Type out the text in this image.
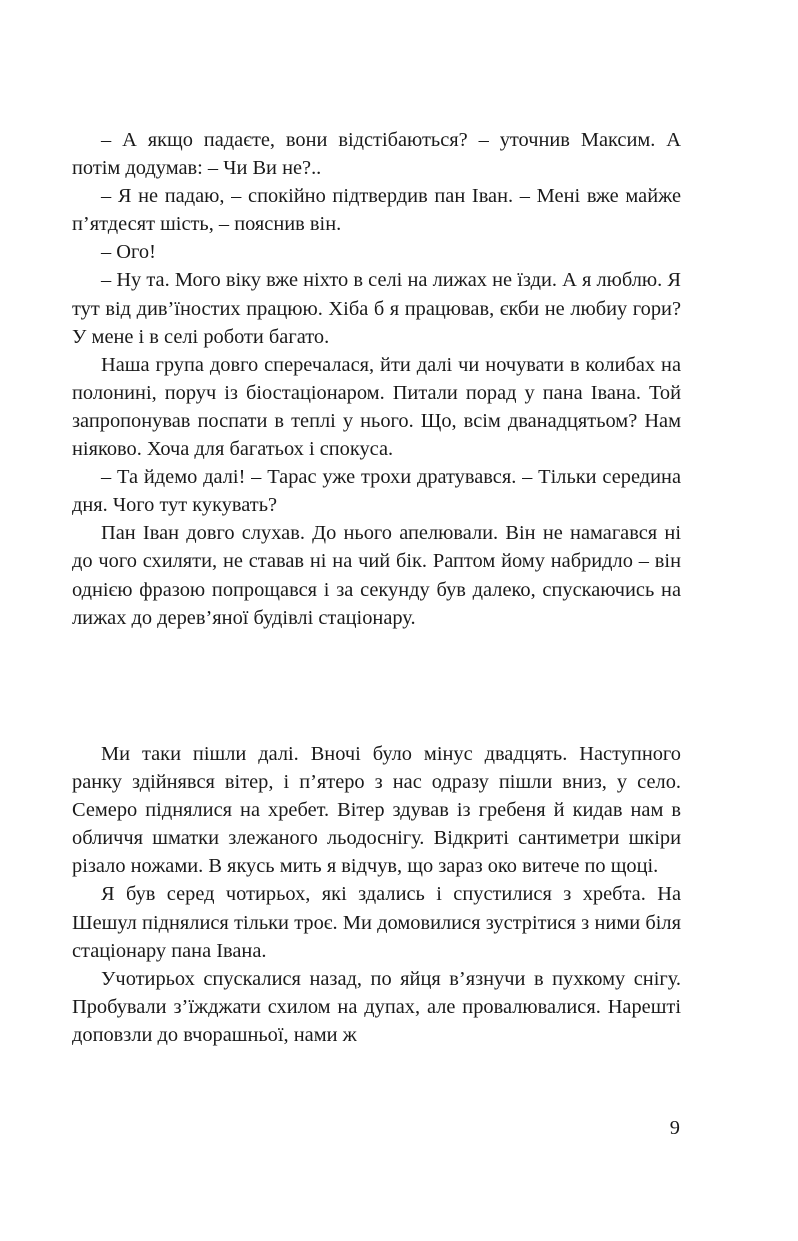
– А якщо падаєте, вони відстібаються? – уточнив Максим. А потім додумав: – Чи Ви не?..

– Я не падаю, – спокійно підтвердив пан Іван. – Мені вже майже п’ятдесят шість, – пояснив він.

– Ого!

– Ну та. Мого віку вже ніхто в селі на лижах не їзди. А я люблю. Я тут від див’їностих працюю. Хіба б я працював, єкби не любиу гори? У мене і в селі роботи багато.

Наша група довго сперечалася, йти далі чи ночувати в колибах на полонині, поруч із біостаціонаром. Питали порад у пана Івана. Той запропонував поспати в теплі у нього. Що, всім дванадцятьом? Нам ніяково. Хоча для багатьох і спокуса.

– Та йдемо далі! – Тарас уже трохи дратувався. – Тільки середина дня. Чого тут кукувать?

Пан Іван довго слухав. До нього апелювали. Він не намагався ні до чого схиляти, не ставав ні на чий бік. Раптом йому набридло – він однією фразою попрощався і за секунду був далеко, спускаючись на лижах до дерев’яної будівлі стаціонару.

Ми таки пішли далі. Вночі було мінус двадцять. Наступного ранку здійнявся вітер, і п’ятеро з нас одразу пішли вниз, у село. Семеро піднялися на хребет. Вітер здував із гребеня й кидав нам в обличчя шматки злежаного льодоснігу. Відкриті сантиметри шкіри різало ножами. В якусь мить я відчув, що зараз око витече по щоці.

Я був серед чотирьох, які здались і спустилися з хребта. На Шешул піднялися тільки троє. Ми домовилися зустрітися з ними біля стаціонару пана Івана.

Учотирьох спускалися назад, по яйця в’язнучи в пухкому снігу. Пробували з’їжджати схилом на дупах, але провалювалися. Нарешті доповзли до вчорашньої, нами ж

9
